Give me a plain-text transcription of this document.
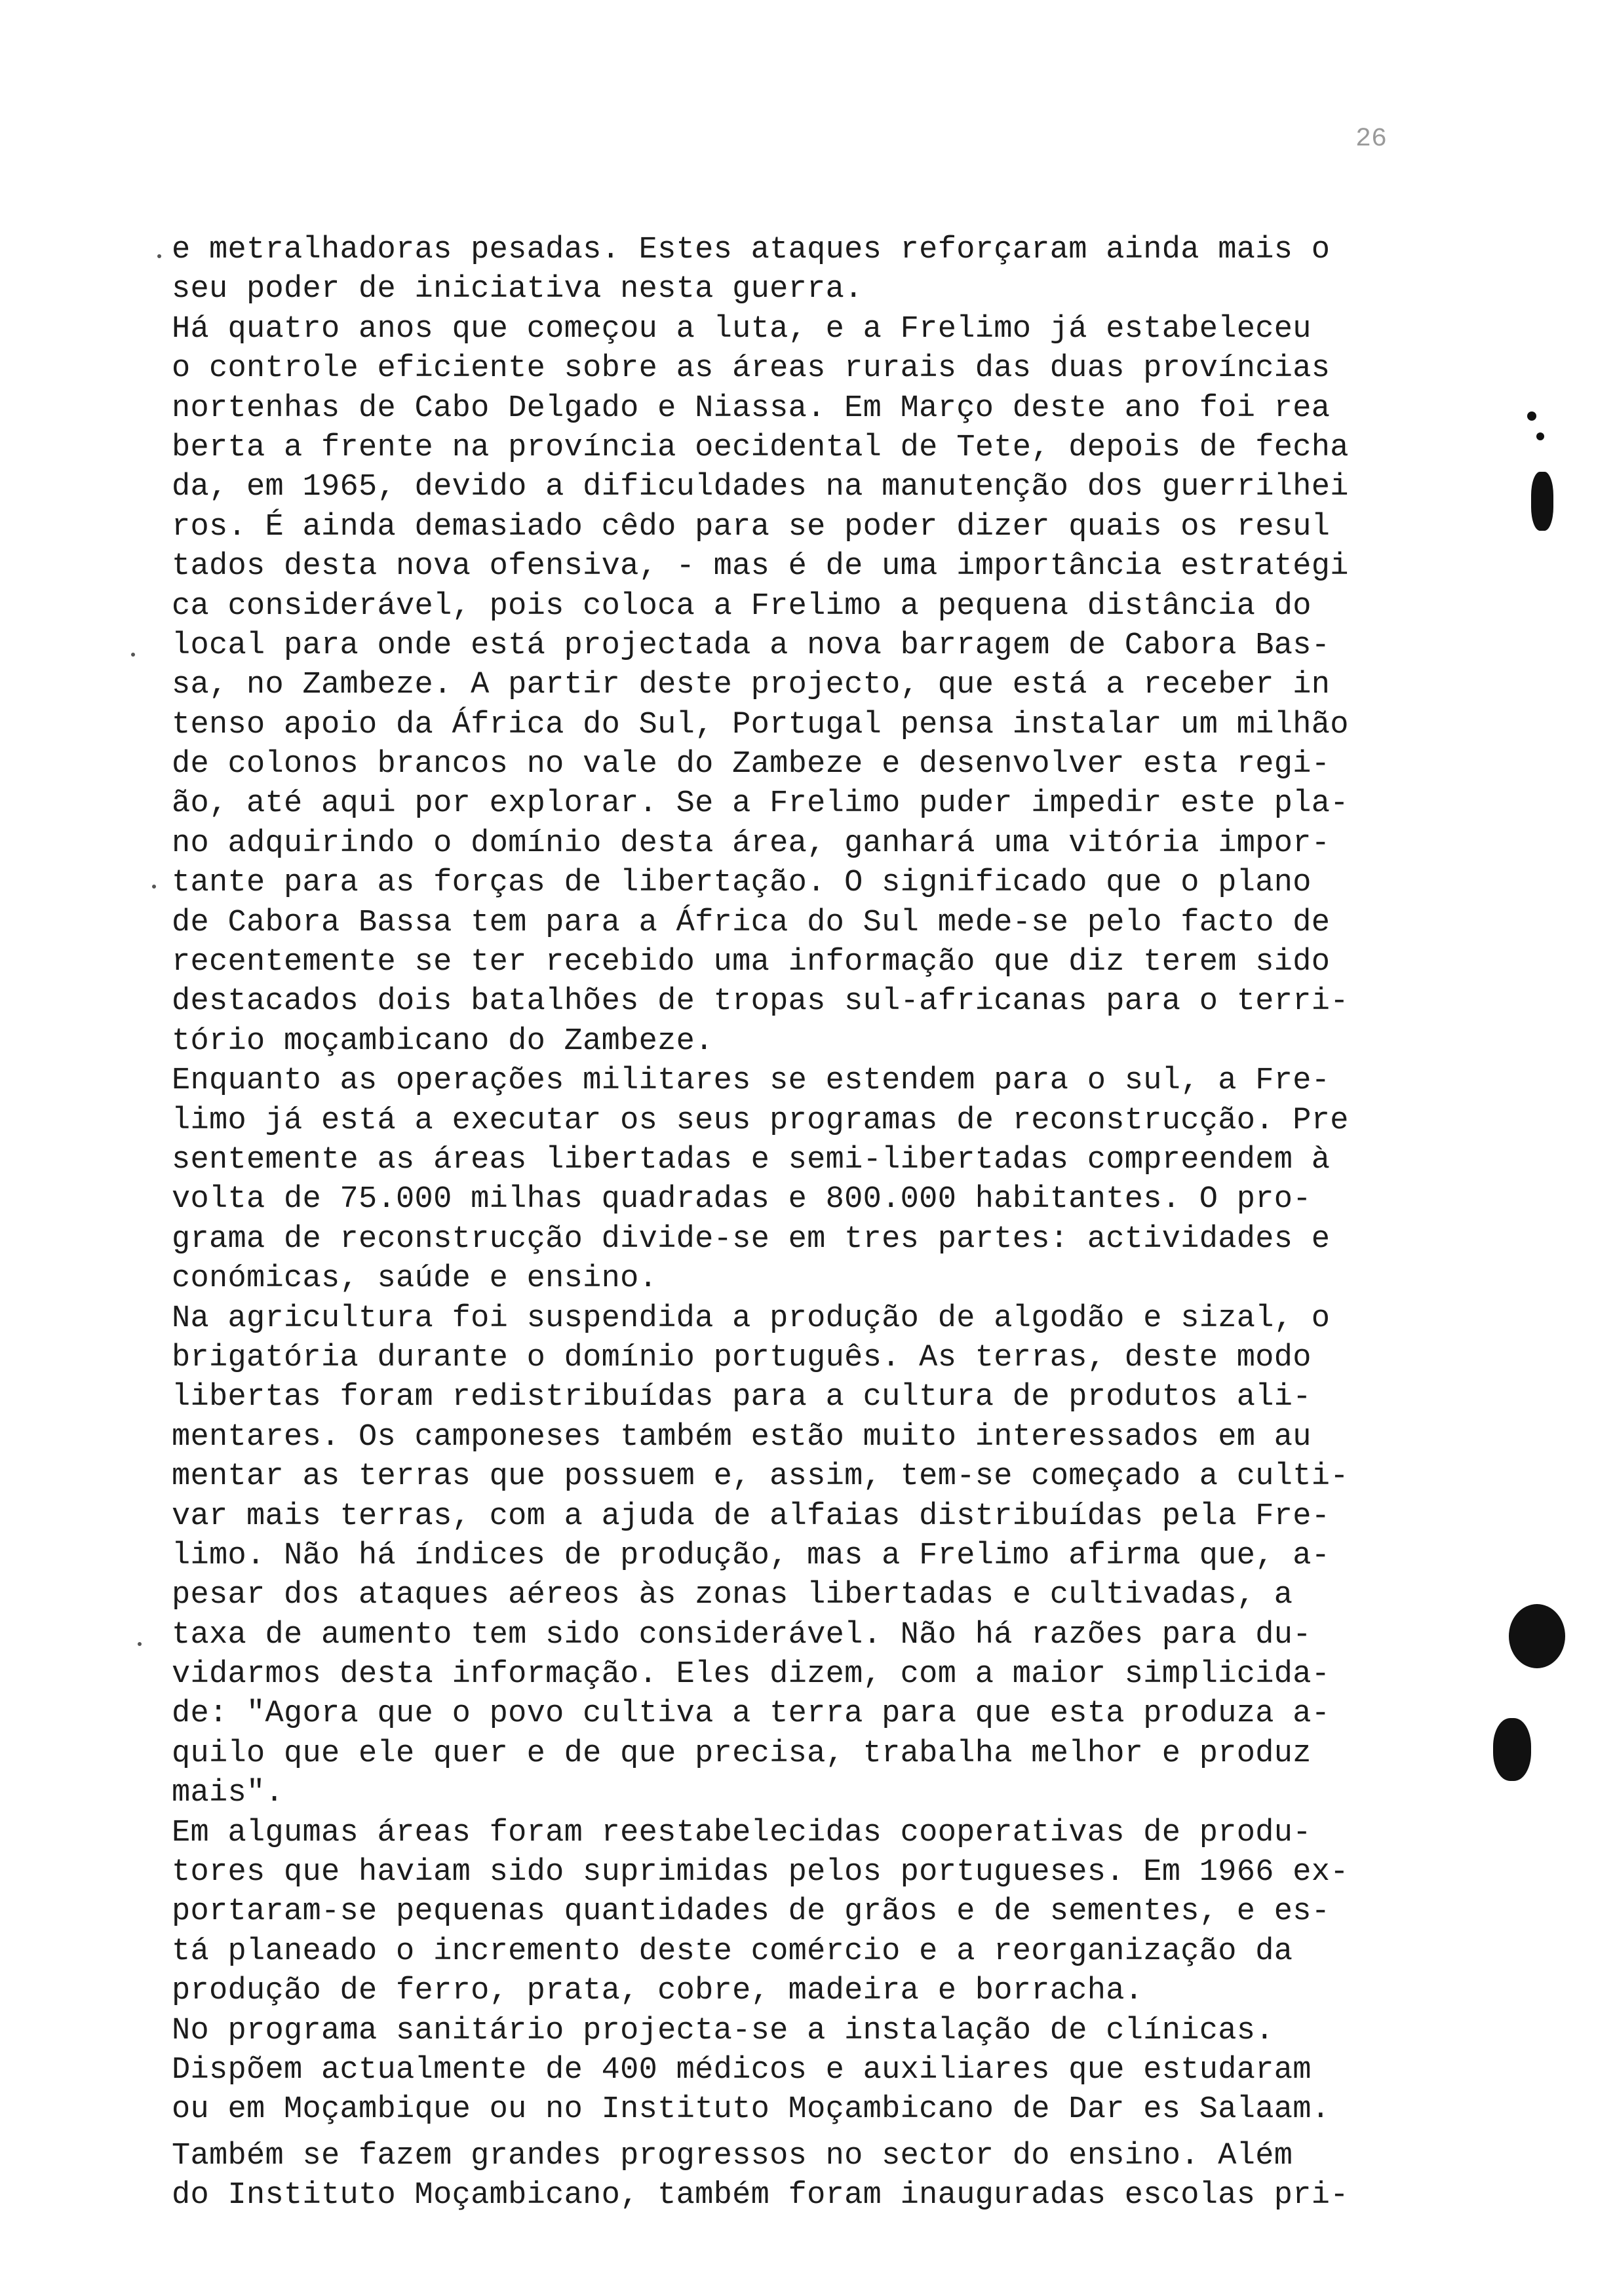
26
e metralhadoras pesadas. Estes ataques reforçaram ainda mais o
seu poder de iniciativa nesta guerra.
Há quatro anos que começou a luta, e a Frelimo já estabeleceu
o controle eficiente sobre as áreas rurais das duas províncias
nortenhas de Cabo Delgado e Niassa. Em Março deste ano foi rea
berta a frente na província oecidental de Tete, depois de fecha
da, em 1965, devido a dificuldades na manutenção dos guerrilhei
ros. É ainda demasiado cêdo para se poder dizer quais os resul
tados desta nova ofensiva, - mas é de uma importância estratégi
ca considerável, pois coloca a Frelimo a pequena distância do
local para onde está projectada a nova barragem de Cabora Bas-
sa, no Zambeze. A partir deste projecto, que está a receber in
tenso apoio da África do Sul, Portugal pensa instalar um milhão
de colonos brancos no vale do Zambeze e desenvolver esta regi-
ão, até aqui por explorar. Se a Frelimo puder impedir este pla-
no adquirindo o domínio desta área, ganhará uma vitória impor-
tante para as forças de libertação. O significado que o plano
de Cabora Bassa tem para a África do Sul mede-se pelo facto de
recentemente se ter recebido uma informação que diz terem sido
destacados dois batalhões de tropas sul-africanas para o terri-
tório moçambicano do Zambeze.
Enquanto as operações militares se estendem para o sul, a Fre-
limo já está a executar os seus programas de reconstrucção. Pre
sentemente as áreas libertadas e semi-libertadas compreendem à
volta de 75.000 milhas quadradas e 800.000 habitantes. O pro-
grama de reconstrucção divide-se em tres partes: actividades e
conómicas, saúde e ensino.
Na agricultura foi suspendida a produção de algodão e sizal, o
brigatória durante o domínio português. As terras, deste modo
libertas foram redistribuídas para a cultura de produtos ali-
mentares. Os camponeses também estão muito interessados em au
mentar as terras que possuem e, assim, tem-se começado a culti-
var mais terras, com a ajuda de alfaias distribuídas pela Fre-
limo. Não há índices de produção, mas a Frelimo afirma que, a-
pesar dos ataques aéreos às zonas libertadas e cultivadas, a
taxa de aumento tem sido considerável. Não há razões para du-
vidarmos desta informação. Eles dizem, com a maior simplicida-
de: "Agora que o povo cultiva a terra para que esta produza a-
quilo que ele quer e de que precisa, trabalha melhor e produz
mais".
Em algumas áreas foram reestabelecidas cooperativas de produ-
tores que haviam sido suprimidas pelos portugueses. Em 1966 ex-
portaram-se pequenas quantidades de grãos e de sementes, e es-
tá planeado o incremento deste comércio e a reorganização da
produção de ferro, prata, cobre, madeira e borracha.
No programa sanitário projecta-se a instalação de clínicas.
Dispõem actualmente de 400 médicos e auxiliares que estudaram
ou em Moçambique ou no Instituto Moçambicano de Dar es Salaam.
Também se fazem grandes progressos no sector do ensino. Além
do Instituto Moçambicano, também foram inauguradas escolas pri-
